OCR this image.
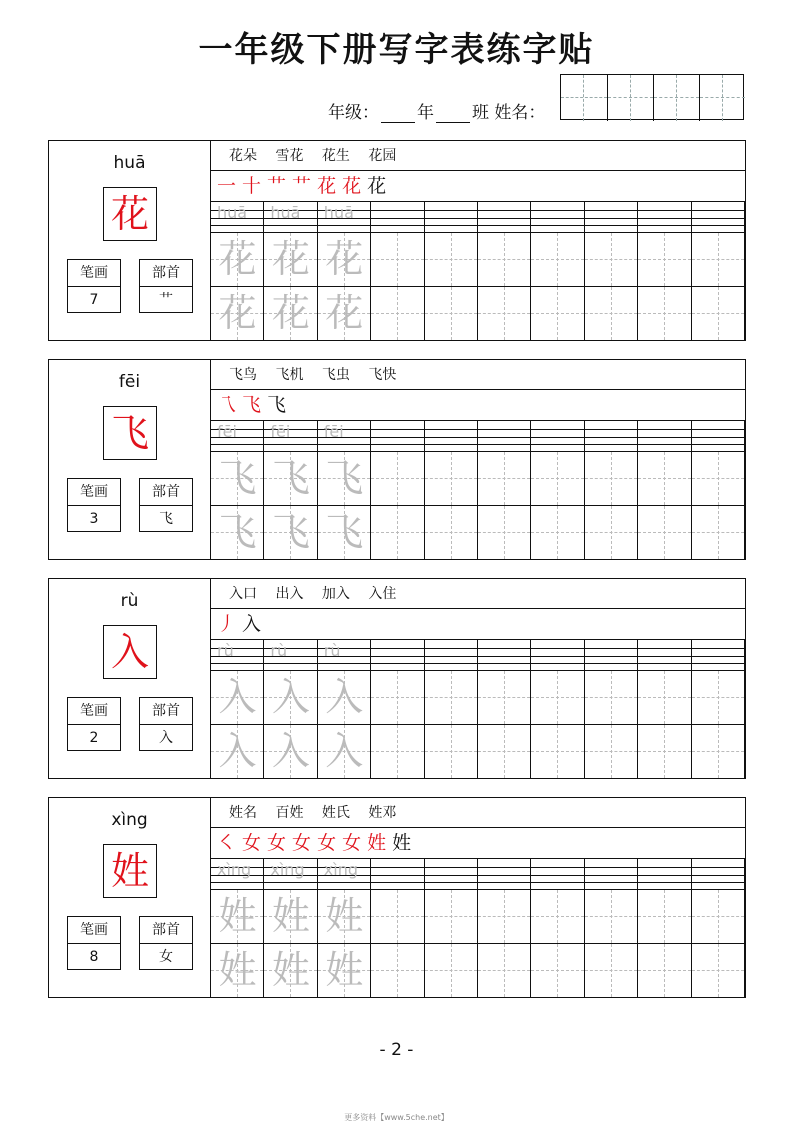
一年级下册写字表练字贴
年级： 年 班 姓名：
huā
花
笔画
7
部首
艹
花朵 雪花 花生 花园
一 十 艹 艹 花 花 花
huā
花
花
huā
花
花
huā
花
花
fēi
飞
笔画
3
部首
飞
飞鸟 飞机 飞虫 飞快
乁 飞 飞
fēi
飞
飞
fēi
飞
飞
fēi
飞
飞
rù
入
笔画
2
部首
入
入口 出入 加入 入住
丿 入
rù
入
入
rù
入
入
rù
入
入
xìng
姓
笔画
8
部首
女
姓名 百姓 姓氏 姓邓
㇛ 女 女 女 女 女 姓 姓
xìng
姓
姓
xìng
姓
姓
xìng
姓
姓
- 2 -
更多资料【www.5che.net】
